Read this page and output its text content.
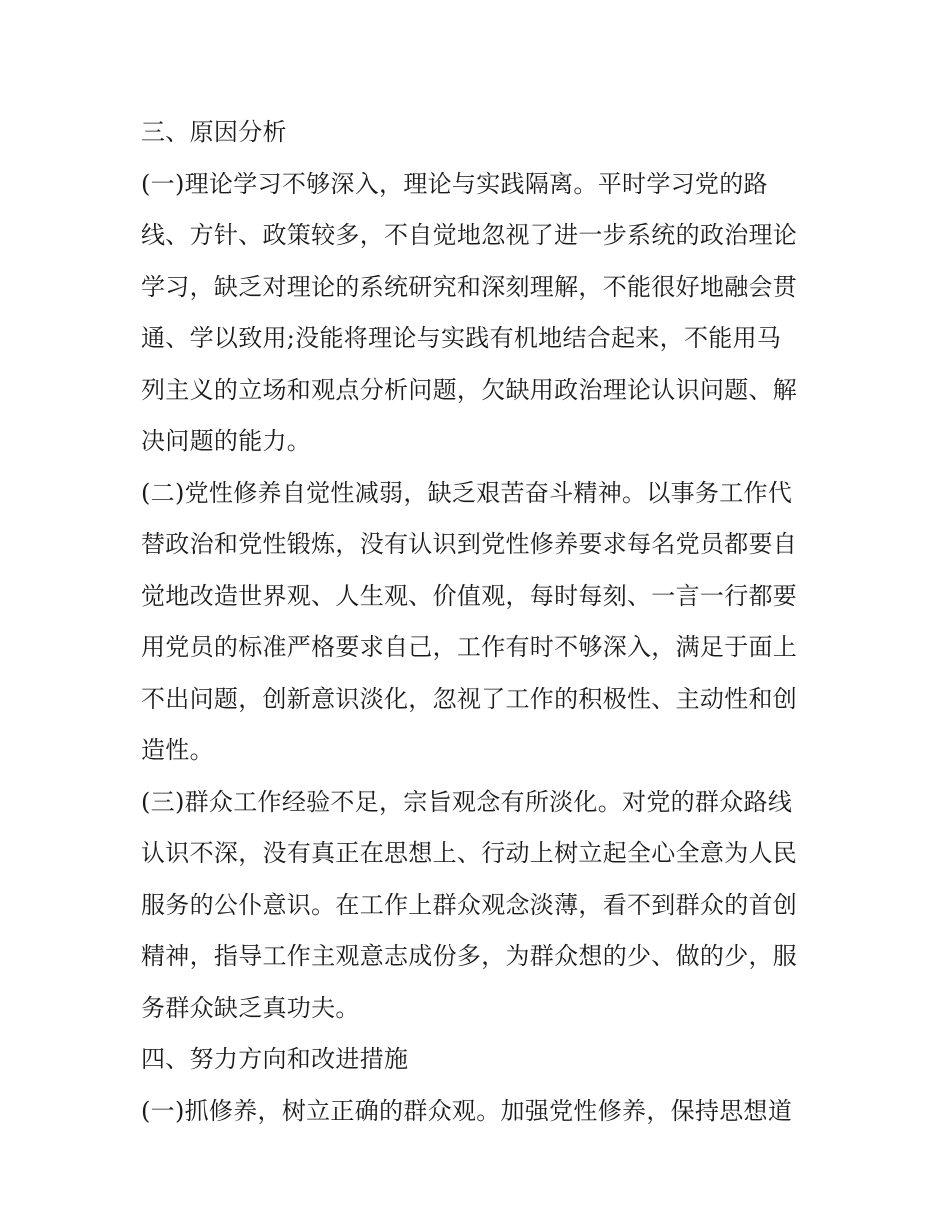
三、原因分析
(一)理论学习不够深入，理论与实践隔离。平时学习党的路
线、方针、政策较多，不自觉地忽视了进一步系统的政治理论
学习，缺乏对理论的系统研究和深刻理解，不能很好地融会贯
通、学以致用;没能将理论与实践有机地结合起来，不能用马
列主义的立场和观点分析问题，欠缺用政治理论认识问题、解
决问题的能力。
(二)党性修养自觉性减弱，缺乏艰苦奋斗精神。以事务工作代
替政治和党性锻炼，没有认识到党性修养要求每名党员都要自
觉地改造世界观、人生观、价值观，每时每刻、一言一行都要
用党员的标准严格要求自己，工作有时不够深入，满足于面上
不出问题，创新意识淡化，忽视了工作的积极性、主动性和创
造性。
(三)群众工作经验不足，宗旨观念有所淡化。对党的群众路线
认识不深，没有真正在思想上、行动上树立起全心全意为人民
服务的公仆意识。在工作上群众观念淡薄，看不到群众的首创
精神，指导工作主观意志成份多，为群众想的少、做的少，服
务群众缺乏真功夫。
四、努力方向和改进措施
(一)抓修养，树立正确的群众观。加强党性修养，保持思想道
